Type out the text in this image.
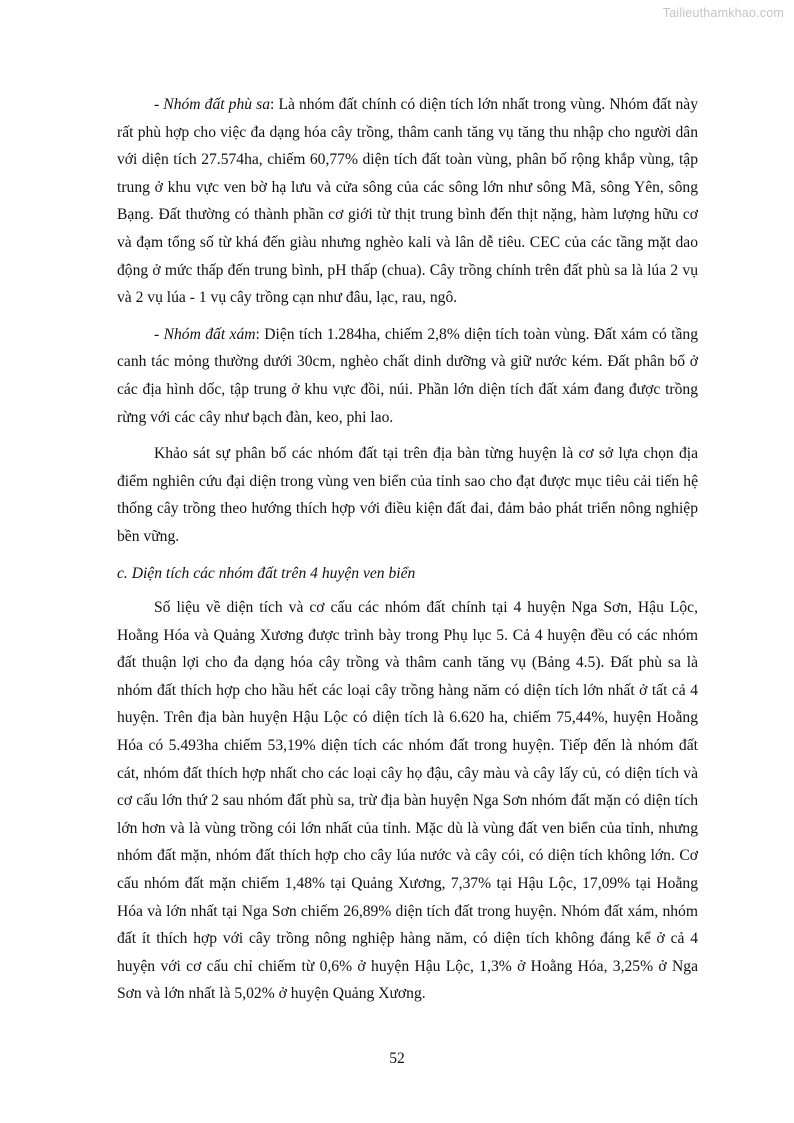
Tailieuthamkhao.com

- Nhóm đất phù sa: Là nhóm đất chính có diện tích lớn nhất trong vùng. Nhóm đất này rất phù hợp cho việc đa dạng hóa cây trồng, thâm canh tăng vụ tăng thu nhập cho người dân với diện tích 27.574ha, chiếm 60,77% diện tích đất toàn vùng, phân bố rộng khắp vùng, tập trung ở khu vực ven bờ hạ lưu và cửa sông của các sông lớn như sông Mã, sông Yên, sông Bạng. Đất thường có thành phần cơ giới từ thịt trung bình đến thịt nặng, hàm lượng hữu cơ và đạm tổng số từ khá đến giàu nhưng nghèo kali và lân dễ tiêu. CEC của các tầng mặt dao động ở mức thấp đến trung bình, pH thấp (chua). Cây trồng chính trên đất phù sa là lúa 2 vụ và 2 vụ lúa - 1 vụ cây trồng cạn như đâu, lạc, rau, ngô.

- Nhóm đất xám: Diện tích 1.284ha, chiếm 2,8% diện tích toàn vùng. Đất xám có tầng canh tác mỏng thường dưới 30cm, nghèo chất dinh dưỡng và giữ nước kém. Đất phân bố ở các địa hình dốc, tập trung ở khu vực đồi, núi. Phần lớn diện tích đất xám đang được trồng rừng với các cây như bạch đàn, keo, phi lao.

Khảo sát sự phân bố các nhóm đất tại trên địa bàn từng huyện là cơ sở lựa chọn địa điểm nghiên cứu đại diện trong vùng ven biển của tỉnh sao cho đạt được mục tiêu cải tiến hệ thống cây trồng theo hướng thích hợp với điều kiện đất đai, đảm bảo phát triển nông nghiệp bền vững.

c. Diện tích các nhóm đất trên 4 huyện ven biển

Số liệu về diện tích và cơ cấu các nhóm đất chính tại 4 huyện Nga Sơn, Hậu Lộc, Hoằng Hóa và Quảng Xương được trình bày trong Phụ lục 5. Cả 4 huyện đều có các nhóm đất thuận lợi cho đa dạng hóa cây trồng và thâm canh tăng vụ (Bảng 4.5). Đất phù sa là nhóm đất thích hợp cho hầu hết các loại cây trồng hàng năm có diện tích lớn nhất ở tất cả 4 huyện. Trên địa bàn huyện Hậu Lộc có diện tích là 6.620 ha, chiếm 75,44%, huyện Hoằng Hóa có 5.493ha chiếm 53,19% diện tích các nhóm đất trong huyện. Tiếp đến là nhóm đất cát, nhóm đất thích hợp nhất cho các loại cây họ đậu, cây màu và cây lấy củ, có diện tích và cơ cấu lớn thứ 2 sau nhóm đất phù sa, trừ địa bàn huyện Nga Sơn nhóm đất mặn có diện tích lớn hơn và là vùng trồng cói lớn nhất của tỉnh. Mặc dù là vùng đất ven biển của tỉnh, nhưng nhóm đất mặn, nhóm đất thích hợp cho cây lúa nước và cây cói, có diện tích không lớn. Cơ cấu nhóm đất mặn chiếm 1,48% tại Quảng Xương, 7,37% tại Hậu Lộc, 17,09% tại Hoằng Hóa và lớn nhất tại Nga Sơn chiếm 26,89% diện tích đất trong huyện. Nhóm đất xám, nhóm đất ít thích hợp với cây trồng nông nghiệp hàng năm, có diện tích không đáng kể ở cả 4 huyện với cơ cấu chỉ chiếm từ 0,6% ở huyện Hậu Lộc, 1,3% ở Hoằng Hóa, 3,25% ở Nga Sơn và lớn nhất là 5,02% ở huyện Quảng Xương.

52
